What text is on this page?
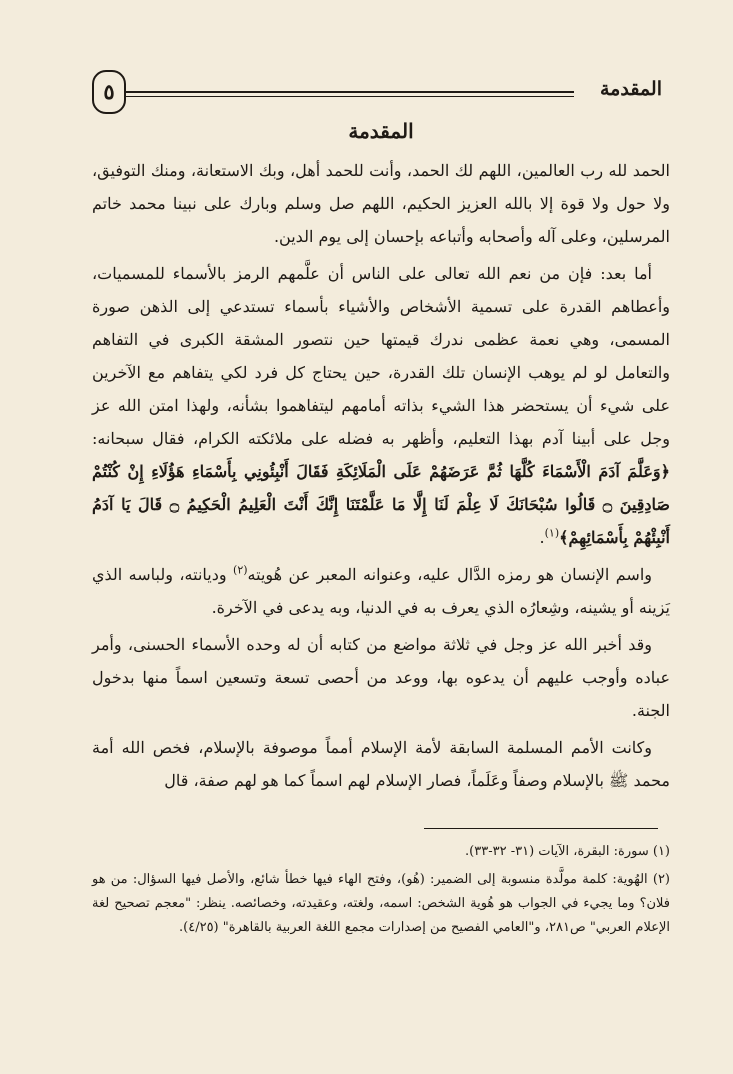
٥	المقدمة
المقدمة

الحمد لله رب العالمين، اللهم لك الحمد، وأنت للحمد أهل، وبك الاستعانة، ومنك التوفيق، ولا حول ولا قوة إلا بالله العزيز الحكيم، اللهم صل وسلم وبارك على نبينا محمد خاتم المرسلين، وعلى آله وأصحابه وأتباعه بإحسان إلى يوم الدين.

أما بعد: فإن من نعم الله تعالى على الناس أن علَّمهم الرمز بالأسماء للمسميات، وأعطاهم القدرة على تسمية الأشخاص والأشياء بأسماء تستدعي إلى الذهن صورة المسمى، وهي نعمة عظمى ندرك قيمتها حين نتصور المشقة الكبرى في التفاهم والتعامل لو لم يوهب الإنسان تلك القدرة، حين يحتاج كل فرد لكي يتفاهم مع الآخرين على شيء أن يستحضر هذا الشيء بذاته أمامهم ليتفاهموا بشأنه، ولهذا امتن الله عز وجل على أبينا آدم بهذا التعليم، وأظهر به فضله على ملائكته الكرام، فقال سبحانه: ﴿وَعَلَّمَ آدَمَ الْأَسْمَاءَ كُلَّهَا ثُمَّ عَرَضَهُمْ عَلَى الْمَلَائِكَةِ فَقَالَ أَنْبِئُونِي بِأَسْمَاءِ هَؤُلَاءِ إِنْ كُنْتُمْ صَادِقِينَ ۝ قَالُوا سُبْحَانَكَ لَا عِلْمَ لَنَا إِلَّا مَا عَلَّمْتَنَا إِنَّكَ أَنْتَ الْعَلِيمُ الْحَكِيمُ ۝ قَالَ يَا آدَمُ أَنْبِئْهُمْ بِأَسْمَائِهِمْ﴾$^{(١)}$.

واسم الإنسان هو رمزه الدَّال عليه، وعنوانه المعبر عن هُويته$^{(٢)}$ وديانته، ولباسه الذي يَزينه أو يشينه، وشِعارُه الذي يعرف به في الدنيا، وبه يدعى في الآخرة.

وقد أخبر الله عز وجل في ثلاثة مواضع من كتابه أن له وحده الأسماء الحسنى، وأمر عباده وأوجب عليهم أن يدعوه بها، ووعد من أحصى تسعة وتسعين اسماً منها بدخول الجنة.

وكانت الأمم المسلمة السابقة لأمة الإسلام أمماً موصوفة بالإسلام، فخص الله أمة محمد ﷺ بالإسلام وصفاً وعَلَماً، فصار الإسلام لهم اسماً كما هو لهم صفة، قال

(١) سورة: البقرة، الآيات (٣١- ٣٢-٣٣).

(٢) الهُوية: كلمة مولَّدة منسوبة إلى الضمير: (هُو)، وفتح الهاء فيها خطأ شائع، والأصل فيها السؤال: من هو فلان؟ وما يجيء في الجواب هو هُوية الشخص: اسمه، ولغته، وعقيدته، وخصائصه. ينظر: "معجم تصحيح لغة الإعلام العربي" ص٢٨١، و"العامي الفصيح من إصدارات مجمع اللغة العربية بالقاهرة" (٤/٢٥).
